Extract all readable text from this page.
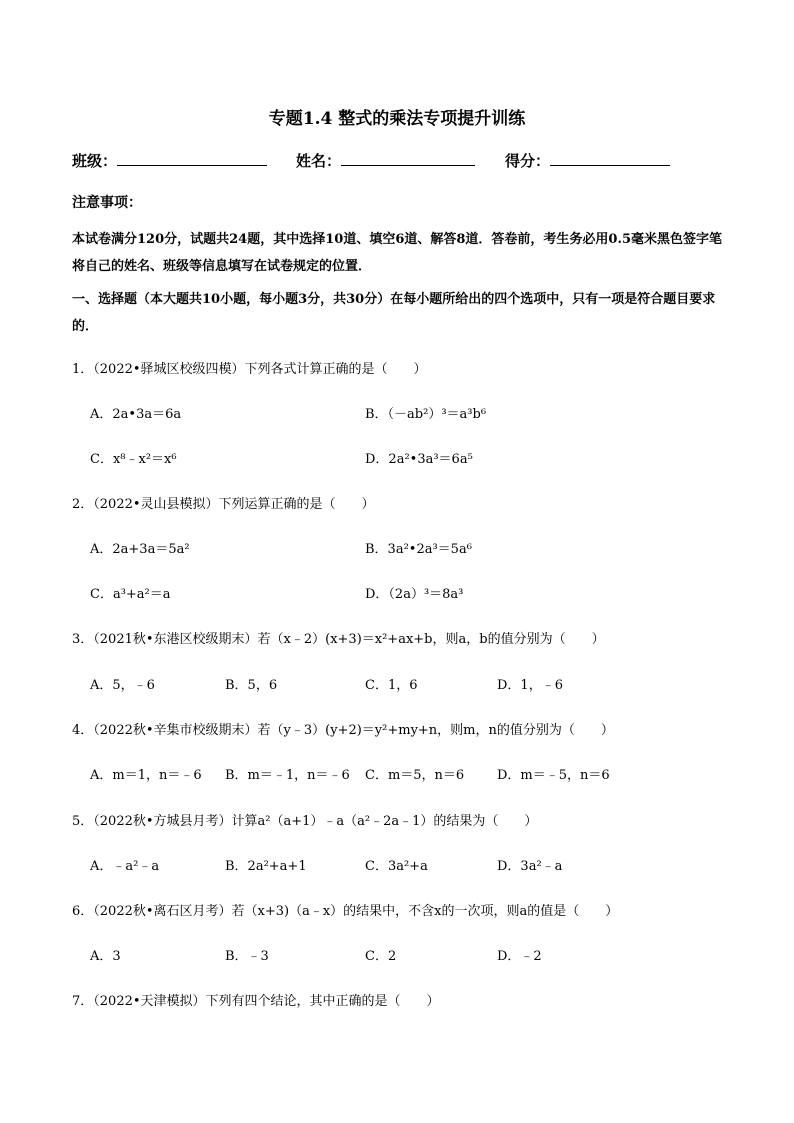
专题1.4 整式的乘法专项提升训练
班级：	姓名：	得分：
注意事项：
本试卷满分120分，试题共24题，其中选择10道、填空6道、解答8道．答卷前，考生务必用0.5毫米黑色签字笔将自己的姓名、班级等信息填写在试卷规定的位置．
一、选择题（本大题共10小题，每小题3分，共30分）在每小题所给出的四个选项中，只有一项是符合题目要求的．
1．（2022•驿城区校级四模）下列各式计算正确的是（　　）
A．2a•3a＝6a	B．（－ab²）³＝a³b⁶
C．x⁸﹣x²＝x⁶	D．2a²•3a³＝6a⁵
2．（2022•灵山县模拟）下列运算正确的是（　　）
A．2a+3a＝5a²	B．3a²•2a³＝5a⁶
C．a³+a²＝a	D．（2a）³＝8a³
3．（2021秋•东港区校级期末）若（x﹣2）(x+3)＝x²+ax+b，则a，b的值分别为（　　）
A．5，﹣6	B．5，6	C．1，6	D．1，﹣6
4．（2022秋•辛集市校级期末）若（y﹣3）(y+2)＝y²+my+n，则m，n的值分别为（　　）
A．m＝1，n＝﹣6 B．m＝﹣1，n＝﹣6 C．m＝5，n＝6	D．m＝﹣5，n＝6
5．（2022秋•方城县月考）计算a²（a+1）﹣a（a²﹣2a﹣1）的结果为（　　）
A．﹣a²﹣a	B．2a²+a+1	C．3a²+a	D．3a²﹣a
6．（2022秋•离石区月考）若（x+3)（a﹣x）的结果中，不含x的一次项，则a的值是（　　）
A．3	B．﹣3	C．2	D．﹣2
7．（2022•天津模拟）下列有四个结论，其中正确的是（　　）
